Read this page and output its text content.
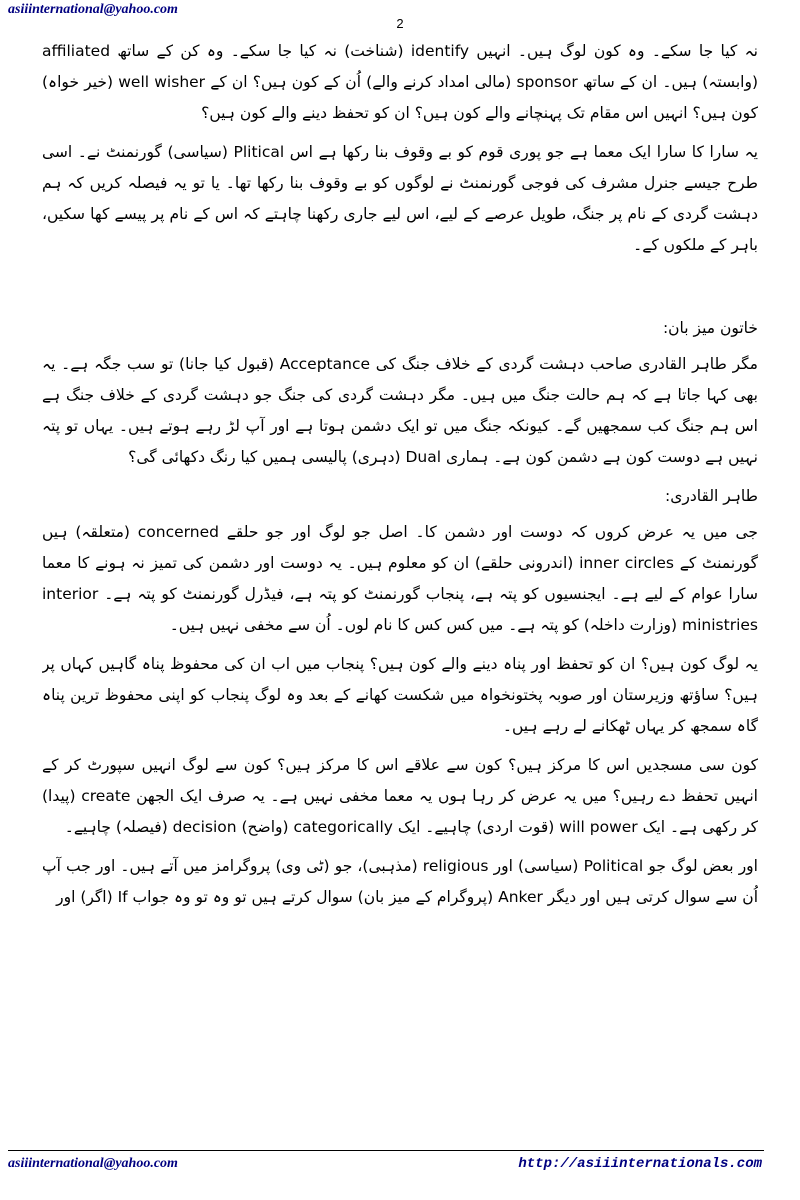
asiiinternational@yahoo.com
2

نہ کیا جا سکے۔ وہ کون لوگ ہیں۔ انہیں identify (شناخت) نہ کیا جا سکے۔ وہ کن کے ساتھ affiliated (وابستہ) ہیں۔ ان کے ساتھ sponsor (مالی امداد کرنے والے) اُن کے کون ہیں؟ ان کے well wisher (خیر خواہ) کون ہیں؟ انہیں اس مقام تک پہنچانے والے کون ہیں؟ ان کو تحفظ دینے والے کون ہیں؟

یہ سارا کا سارا ایک معما ہے جو پوری قوم کو بے وقوف بنا رکھا ہے اس Plitical (سیاسی) گورنمنٹ نے۔ اسی طرح جیسے جنرل مشرف کی فوجی گورنمنٹ نے لوگوں کو بے وقوف بنا رکھا تھا۔ یا تو یہ فیصلہ کریں کہ ہم دہشت گردی کے نام پر جنگ، طویل عرصے کے لیے، اس لیے جاری رکھنا چاہتے کہ اس کے نام پر پیسے کھا سکیں، باہر کے ملکوں کے۔

خاتون میز بان:

مگر طاہر القادری صاحب دہشت گردی کے خلاف جنگ کی Acceptance (قبول کیا جانا) تو سب جگہ ہے۔ یہ بھی کہا جاتا ہے کہ ہم حالت جنگ میں ہیں۔ مگر دہشت گردی کی جنگ جو دہشت گردی کے خلاف جنگ ہے اس ہم جنگ کب سمجھیں گے۔ کیونکہ جنگ میں تو ایک دشمن ہوتا ہے اور آپ لڑ رہے ہوتے ہیں۔ یہاں تو پتہ نہیں ہے دوست کون ہے دشمن کون ہے۔ ہماری Dual (دہری) پالیسی ہمیں کیا رنگ دکھائی گی؟

طاہر القادری:

جی میں یہ عرض کروں کہ دوست اور دشمن کا۔ اصل جو لوگ اور جو حلقے concerned (متعلقہ) ہیں گورنمنٹ کے inner circles (اندرونی حلقے) ان کو معلوم ہیں۔ یہ دوست اور دشمن کی تمیز نہ ہونے کا معما سارا عوام کے لیے ہے۔ ایجنسیوں کو پتہ ہے، پنجاب گورنمنٹ کو پتہ ہے، فیڈرل گورنمنٹ کو پتہ ہے۔ interior ministries (وزارت داخلہ) کو پتہ ہے۔ میں کس کس کا نام لوں۔ اُن سے مخفی نہیں ہیں۔

یہ لوگ کون ہیں؟ ان کو تحفظ اور پناہ دینے والے کون ہیں؟ پنجاب میں اب ان کی محفوظ پناہ گاہیں کہاں پر ہیں؟ ساؤتھ وزیرستان اور صوبہ پختونخواہ میں شکست کھانے کے بعد وہ لوگ پنجاب کو اپنی محفوظ ترین پناہ گاہ سمجھ کر یہاں ٹھکانے لے رہے ہیں۔

کون سی مسجدیں اس کا مرکز ہیں؟ کون سے علاقے اس کا مرکز ہیں؟ کون سے لوگ انہیں سپورٹ کر کے انہیں تحفظ دے رہیں؟ میں یہ عرض کر رہا ہوں یہ معما مخفی نہیں ہے۔ یہ صرف ایک الجھن create (پیدا) کر رکھی ہے۔ ایک will power (قوت اردی) چاہیے۔ ایک categorically (واضح) decision (فیصلہ) چاہیے۔

اور بعض لوگ جو Political (سیاسی) اور religious (مذہبی)، جو (ٹی وی) پروگرامز میں آتے ہیں۔ اور جب آپ اُن سے سوال کرتی ہیں اور دیگر Anker (پروگرام کے میز بان) سوال کرتے ہیں تو وہ تو وہ جواب If (اگر) اور

asiiinternational@yahoo.com	http://asiiinternationals.com
